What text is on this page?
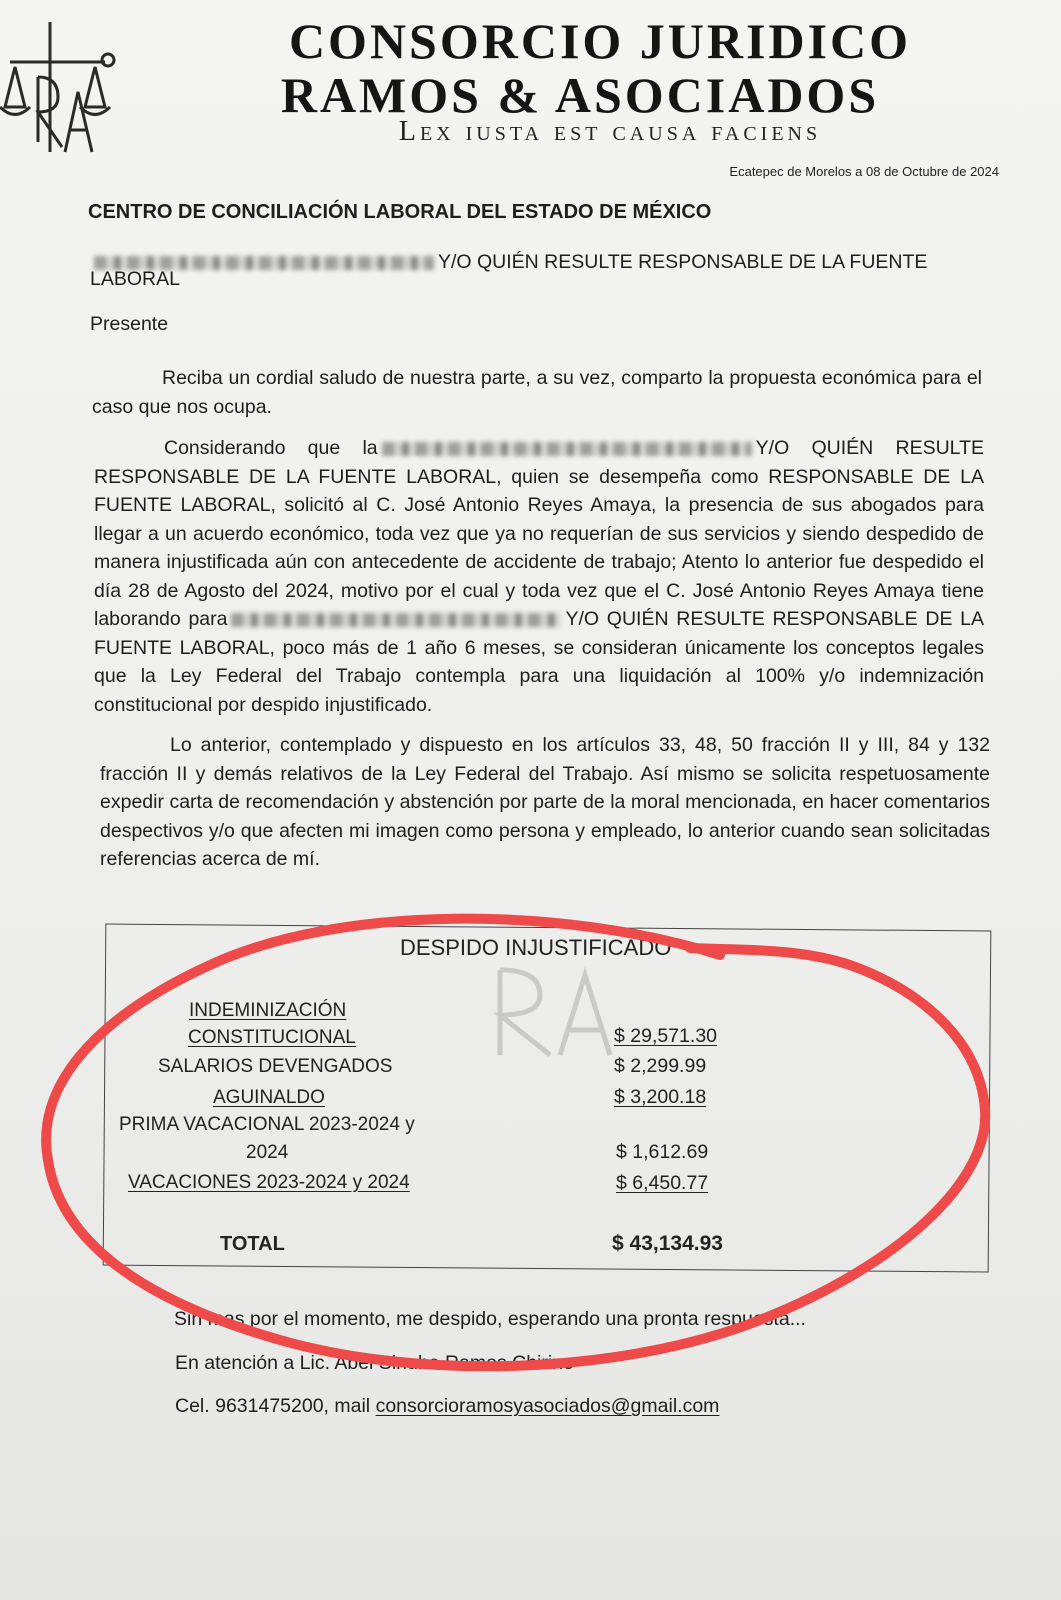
CONSORCIO JURIDICO
RAMOS & ASOCIADOS
Lex iusta est causa faciens
Ecatepec de Morelos a 08 de Octubre de 2024
CENTRO DE CONCILIACIÓN LABORAL DEL ESTADO DE MÉXICO
Y/O QUIÉN RESULTE RESPONSABLE DE LA FUENTE
LABORAL
Presente

Reciba un cordial saludo de nuestra parte, a su vez, comparto la propuesta económica para el caso que nos ocupa.

Considerando que la	Y/O QUIÉN RESULTE RESPONSABLE DE LA FUENTE LABORAL, quien se desempeña como RESPONSABLE DE LA FUENTE LABORAL, solicitó al C. José Antonio Reyes Amaya, la presencia de sus abogados para llegar a un acuerdo económico, toda vez que ya no requerían de sus servicios y siendo despedido de manera injustificada aún con antecedente de accidente de trabajo; Atento lo anterior fue despedido el día 28 de Agosto del 2024, motivo por el cual y toda vez que el C. José Antonio Reyes Amaya tiene laborando para	Y/O QUIÉN RESULTE RESPONSABLE DE LA FUENTE LABORAL, poco más de 1 año 6 meses, se consideran únicamente los conceptos legales que la Ley Federal del Trabajo contempla para una liquidación al 100% y/o indemnización constitucional por despido injustificado.

Lo anterior, contemplado y dispuesto en los artículos 33, 48, 50 fracción II y III, 84 y 132 fracción II y demás relativos de la Ley Federal del Trabajo. Así mismo se solicita respetuosamente expedir carta de recomendación y abstención por parte de la moral mencionada, en hacer comentarios despectivos y/o que afecten mi imagen como persona y empleado, lo anterior cuando sean solicitadas referencias acerca de mí.

DESPIDO INJUSTIFICADO
INDEMINIZACIÓN
CONSTITUCIONAL	$ 29,571.30
SALARIOS DEVENGADOS	$ 2,299.99
AGUINALDO	$ 3,200.18
PRIMA VACACIONAL 2023-2024 y
2024	$ 1,612.69
VACACIONES 2023-2024 y 2024	$ 6,450.77
TOTAL	$ 43,134.93
Sin mas por el momento, me despido, esperando una pronta respuesta...
En atención a Lic. Abel Sinuhe Ramos Chirino
Cel. 9631475200, mail consorcioramosyasociados@gmail.com
